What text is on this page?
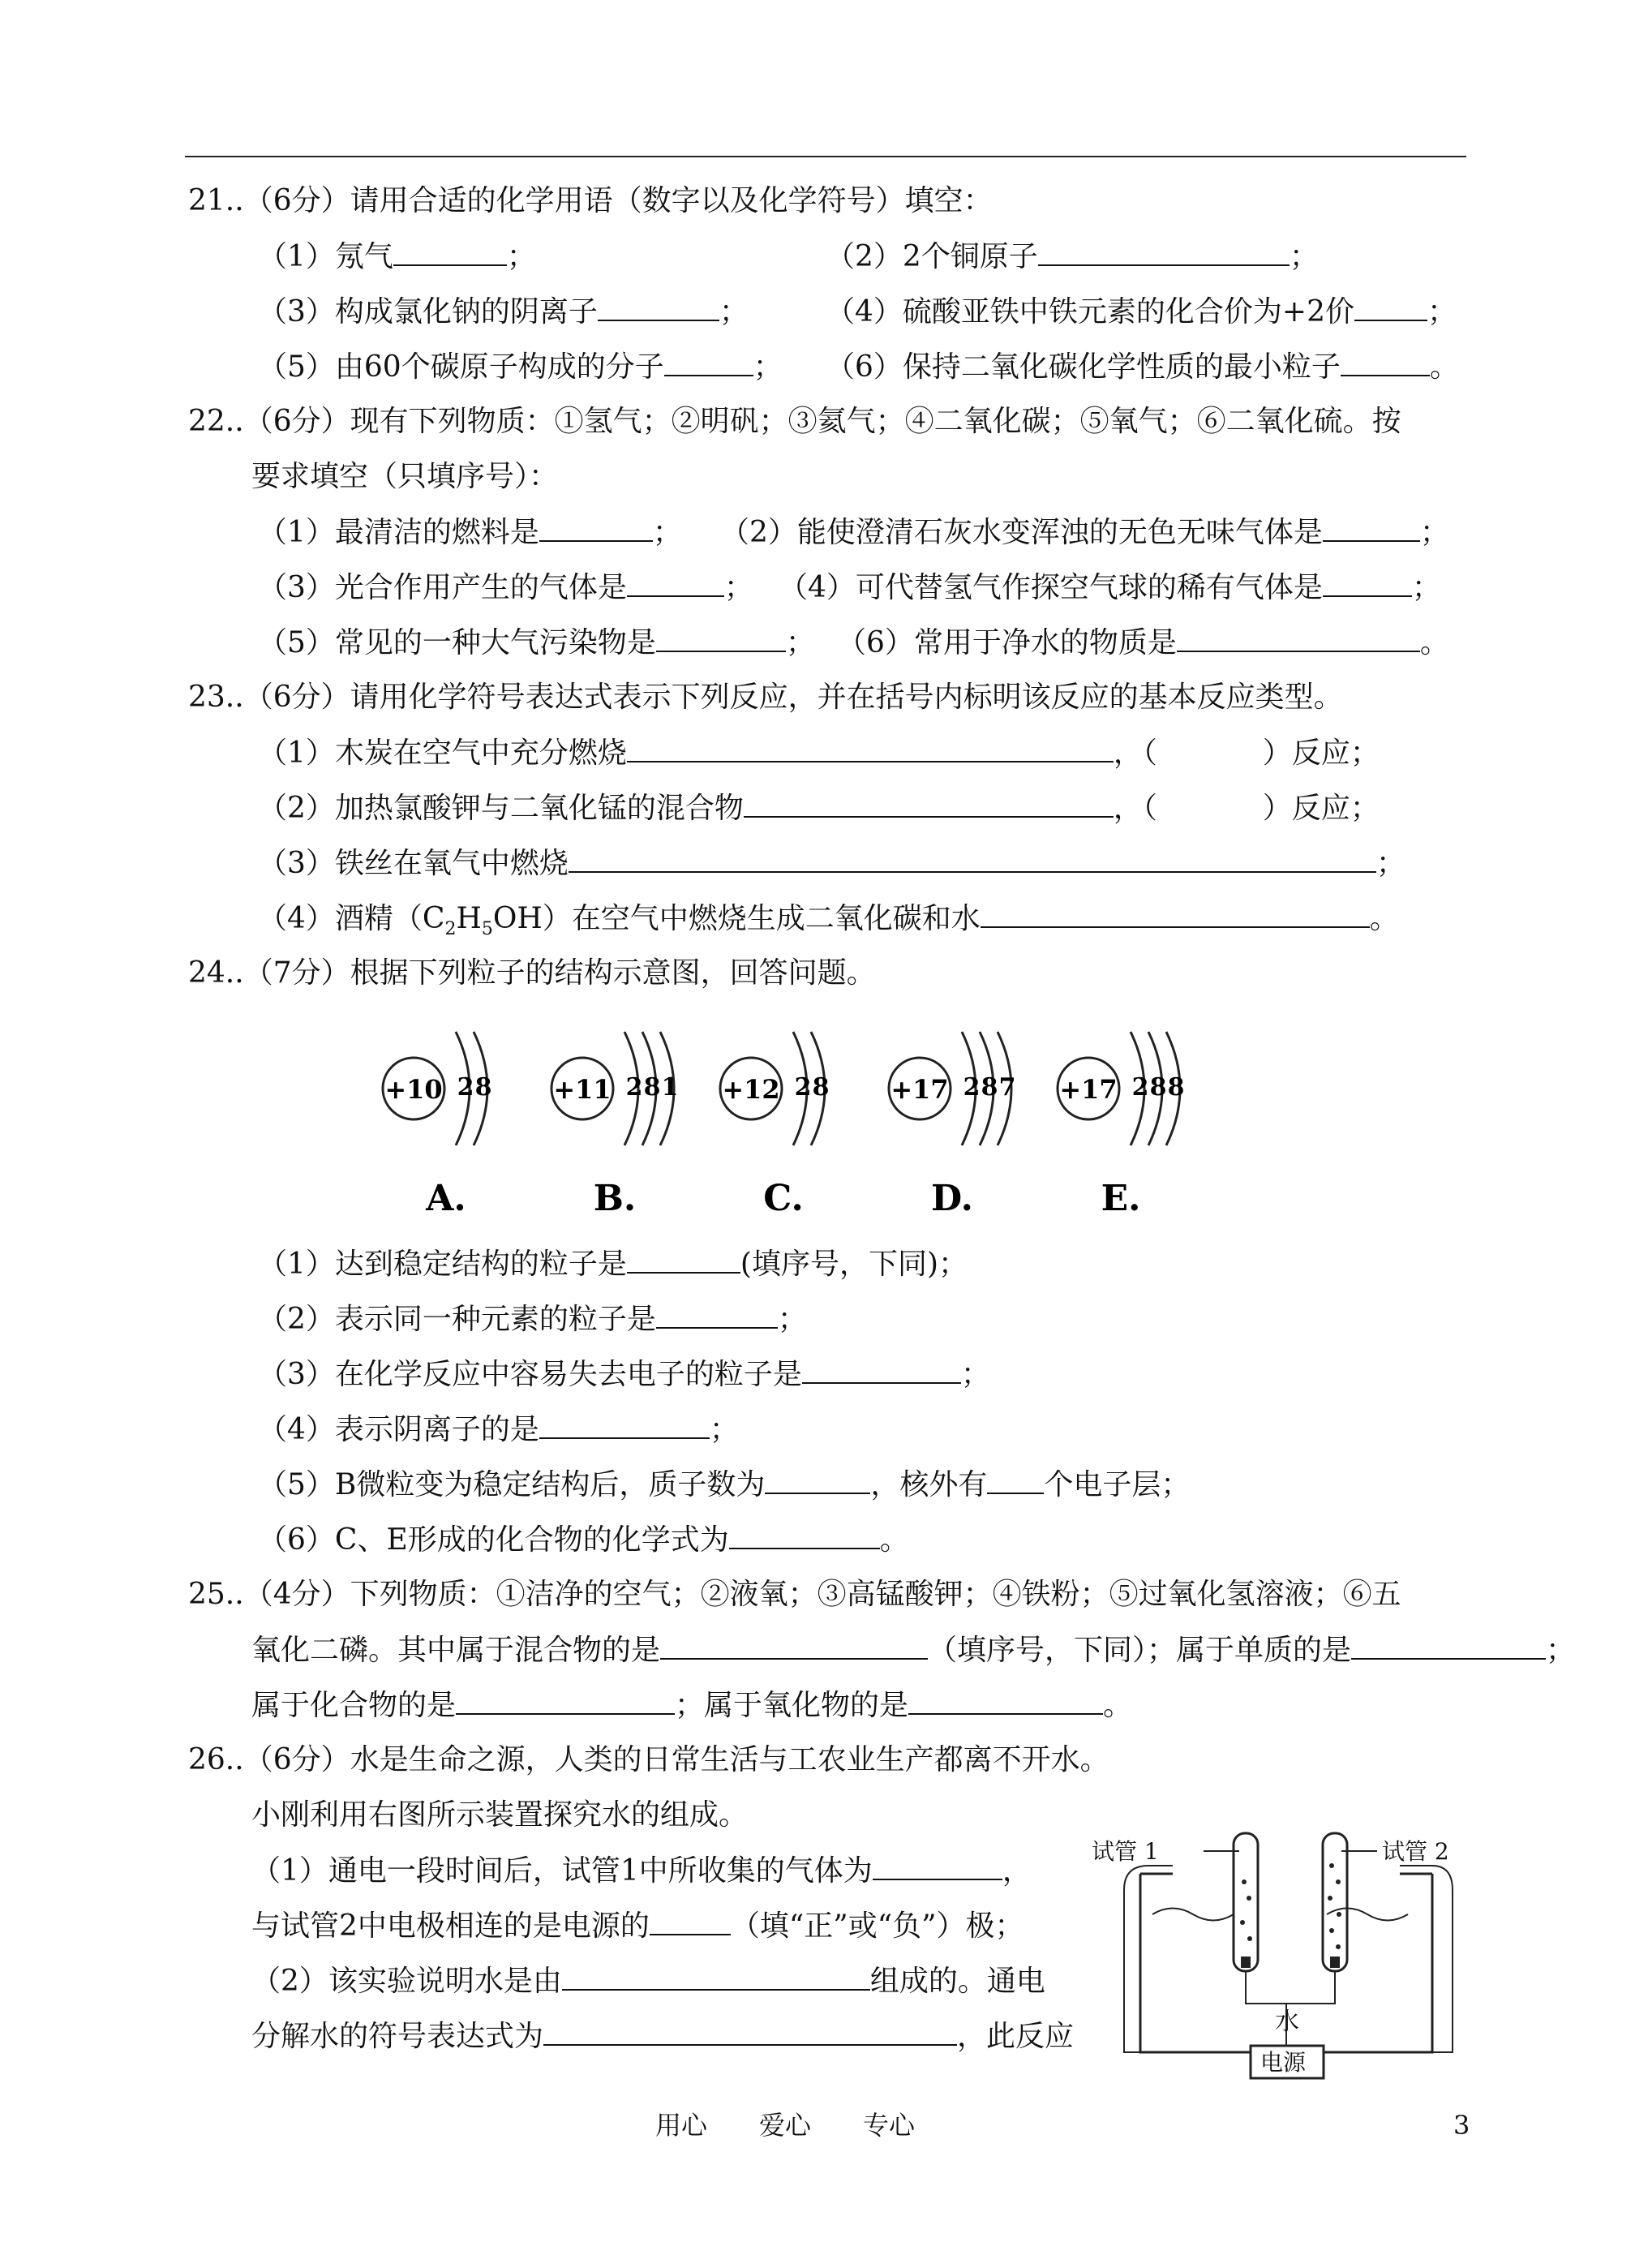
21..（6分）请用合适的化学用语（数字以及化学符号）填空：
（1）氖气	；	（2）2个铜原子	；
（3）构成氯化钠的阴离子	；	（4）硫酸亚铁中铁元素的化合价为+2价	；
（5）由60个碳原子构成的分子	； （6）保持二氧化碳化学性质的最小粒子	。
22..（6分）现有下列物质：①氢气；②明矾；③氦气；④二氧化碳；⑤氧气；⑥二氧化硫。按
要求填空（只填序号）：
（1）最清洁的燃料是	； （2）能使澄清石灰水变浑浊的无色无味气体是	；
（3）光合作用产生的气体是	； （4）可代替氢气作探空气球的稀有气体是	；
（5）常见的一种大气污染物是	； （6）常用于净水的物质是	。
23..（6分）请用化学符号表达式表示下列反应，并在括号内标明该反应的基本反应类型。
（1）木炭在空气中充分燃烧	，（	）反应；
（2）加热氯酸钾与二氧化锰的混合物	，（	）反应；
（3）铁丝在氧气中燃烧	；
（4）酒精$(C_2H_5OH)$在空气中燃烧生成二氧化碳和水	。
24..（7分）根据下列粒子的结构示意图，回答问题。
+10 2 8
A.
+11 2 8 1
B.
+12 2 8
C.
+17 2 8 7
D.
+17 2 8 8
E.
（1）达到稳定结构的粒子是	(填序号，下同)；
（2）表示同一种元素的粒子是	；
（3）在化学反应中容易失去电子的粒子是	；
（4）表示阴离子的是	；
（5）B微粒变为稳定结构后，质子数为	，核外有 个电子层；
（6）C、E形成的化合物的化学式为	。
25..（4分）下列物质：①洁净的空气；②液氧；③高锰酸钾；④铁粉；⑤过氧化氢溶液；⑥五
氧化二磷。其中属于混合物的是	（填序号，下同）；属于单质的是	；
属于化合物的是	；属于氧化物的是	。
26..（6分）水是生命之源，人类的日常生活与工农业生产都离不开水。
小刚利用右图所示装置探究水的组成。
（1）通电一段时间后，试管1中所收集的气体为	，
与试管2中电极相连的是电源的	（填“正”或“负”）极；
（2）该实验说明水是由	组成的。通电
分解水的符号表达式为	，此反应
试管 1	试管 2
水
电源
用心　　爱心　　专心	3
